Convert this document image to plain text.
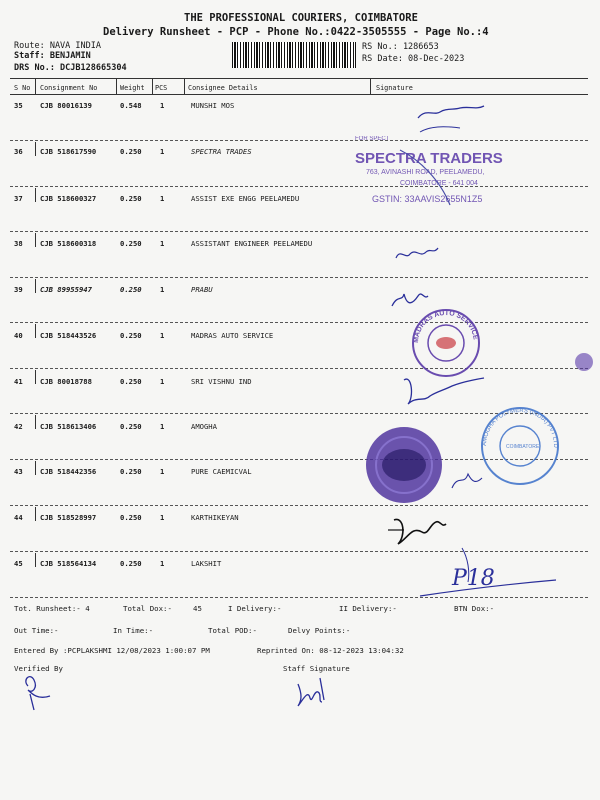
THE PROFESSIONAL COURIERS, COIMBATORE
Delivery Runsheet - PCP - Phone No.:0422-3505555 - Page No.:4
Route: NAVA INDIA
Staff: BENJAMIN
DRS No.: DCJB128665304
RS No.: 1286653
RS Date: 08-Dec-2023
S No Consignment No	Weight PCS	Consignee Details	Signature
35 CJB 80016139	0.548	1	MUNSHI MOS
36 CJB 518617590	0.250	1	SPECTRA TRADES
37 CJB 518600327	0.250	1	ASSIST EXE ENGG PEELAMEDU
38 CJB 518600318	0.250	1	ASSISTANT ENGINEER PEELAMEDU
39 CJB 89955947	0.250	1	PRABU
40 CJB 518443526	0.250	1	MADRAS AUTO SERVICE
41 CJB 80018788	0.250	1	SRI VISHNU IND
42 CJB 518613406	0.250	1	AMOGHA
43 CJB 518442356	0.250	1	PURE CAEMICVAL
44 CJB 518528997	0.250	1	KARTHIKEYAN
45 CJB 518564134	0.250	1	LAKSHIT
Tot. Runsheet:- 4	Total Dox:-	45	I Delivery:-	II Delivery:-	BTN Dox:-
Out Time:-	In Time:-	Total POD:-	Delvy Points:-
Entered By :PCPLAKSHMI 12/08/2023 1:00:07 PM	Reprinted On: 08-12-2023 13:04:32
Verified By	Staff Signature
FOR SPECT
SPECTRA TRADERS
763, AVINASHI ROAD, PEELAMEDU,
COIMBATORE - 641 004
GSTIN: 33AAVIS2655N1Z5
MADRAS AUTO SERVICE
AMOGHA POLYMERS (INDIA) PVT LTD
COIMBATORE
P18
